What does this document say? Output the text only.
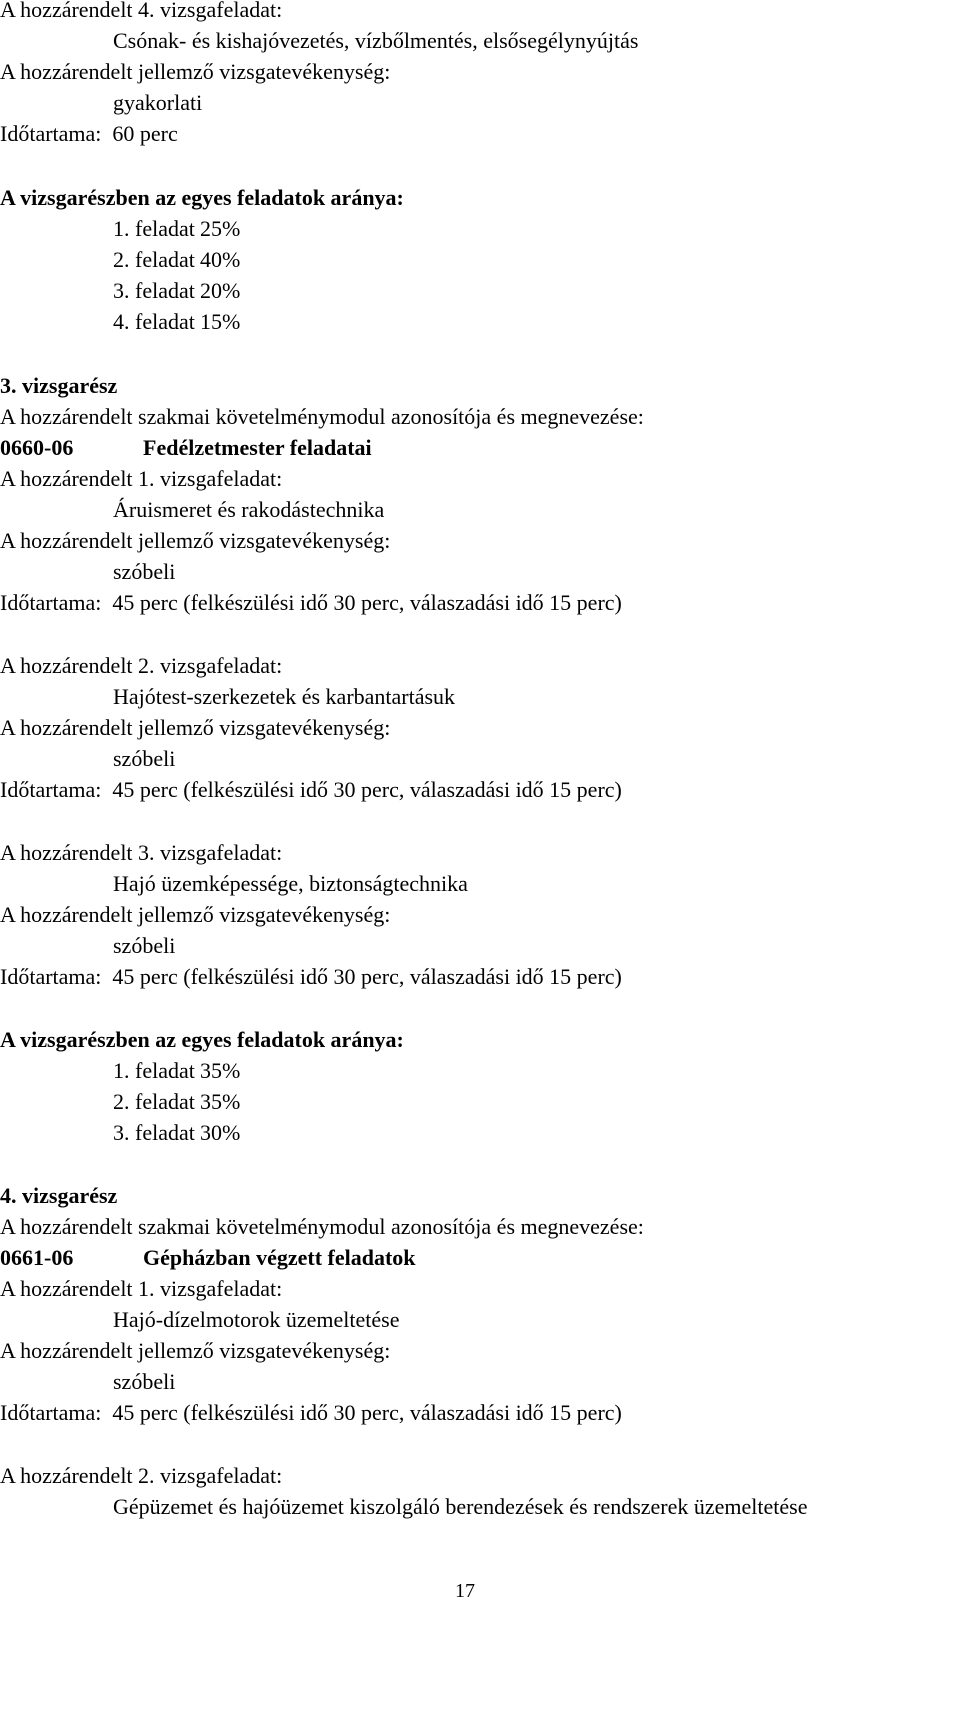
A hozzárendelt 4. vizsgafeladat:
Csónak- és kishajóvezetés, vízbőlmentés, elsősegélynyújtás
A hozzárendelt jellemző vizsgatevékenység:
gyakorlati
Időtartama: 60 perc
A vizsgarészben az egyes feladatok aránya:
1. feladat 25%
2. feladat 40%
3. feladat 20%
4. feladat 15%
3. vizsgarész
A hozzárendelt szakmai követelménymodul azonosítója és megnevezése:
0660-06	Fedélzetmester feladatai
A hozzárendelt 1. vizsgafeladat:
Áruismeret és rakodástechnika
A hozzárendelt jellemző vizsgatevékenység:
szóbeli
Időtartama: 45 perc (felkészülési idő 30 perc, válaszadási idő 15 perc)
A hozzárendelt 2. vizsgafeladat:
Hajótest-szerkezetek és karbantartásuk
A hozzárendelt jellemző vizsgatevékenység:
szóbeli
Időtartama: 45 perc (felkészülési idő 30 perc, válaszadási idő 15 perc)
A hozzárendelt 3. vizsgafeladat:
Hajó üzemképessége, biztonságtechnika
A hozzárendelt jellemző vizsgatevékenység:
szóbeli
Időtartama: 45 perc (felkészülési idő 30 perc, válaszadási idő 15 perc)
A vizsgarészben az egyes feladatok aránya:
1. feladat 35%
2. feladat 35%
3. feladat 30%
4. vizsgarész
A hozzárendelt szakmai követelménymodul azonosítója és megnevezése:
0661-06	Gépházban végzett feladatok
A hozzárendelt 1. vizsgafeladat:
Hajó-dízelmotorok üzemeltetése
A hozzárendelt jellemző vizsgatevékenység:
szóbeli
Időtartama: 45 perc (felkészülési idő 30 perc, válaszadási idő 15 perc)
A hozzárendelt 2. vizsgafeladat:
Gépüzemet és hajóüzemet kiszolgáló berendezések és rendszerek üzemeltetése
17
